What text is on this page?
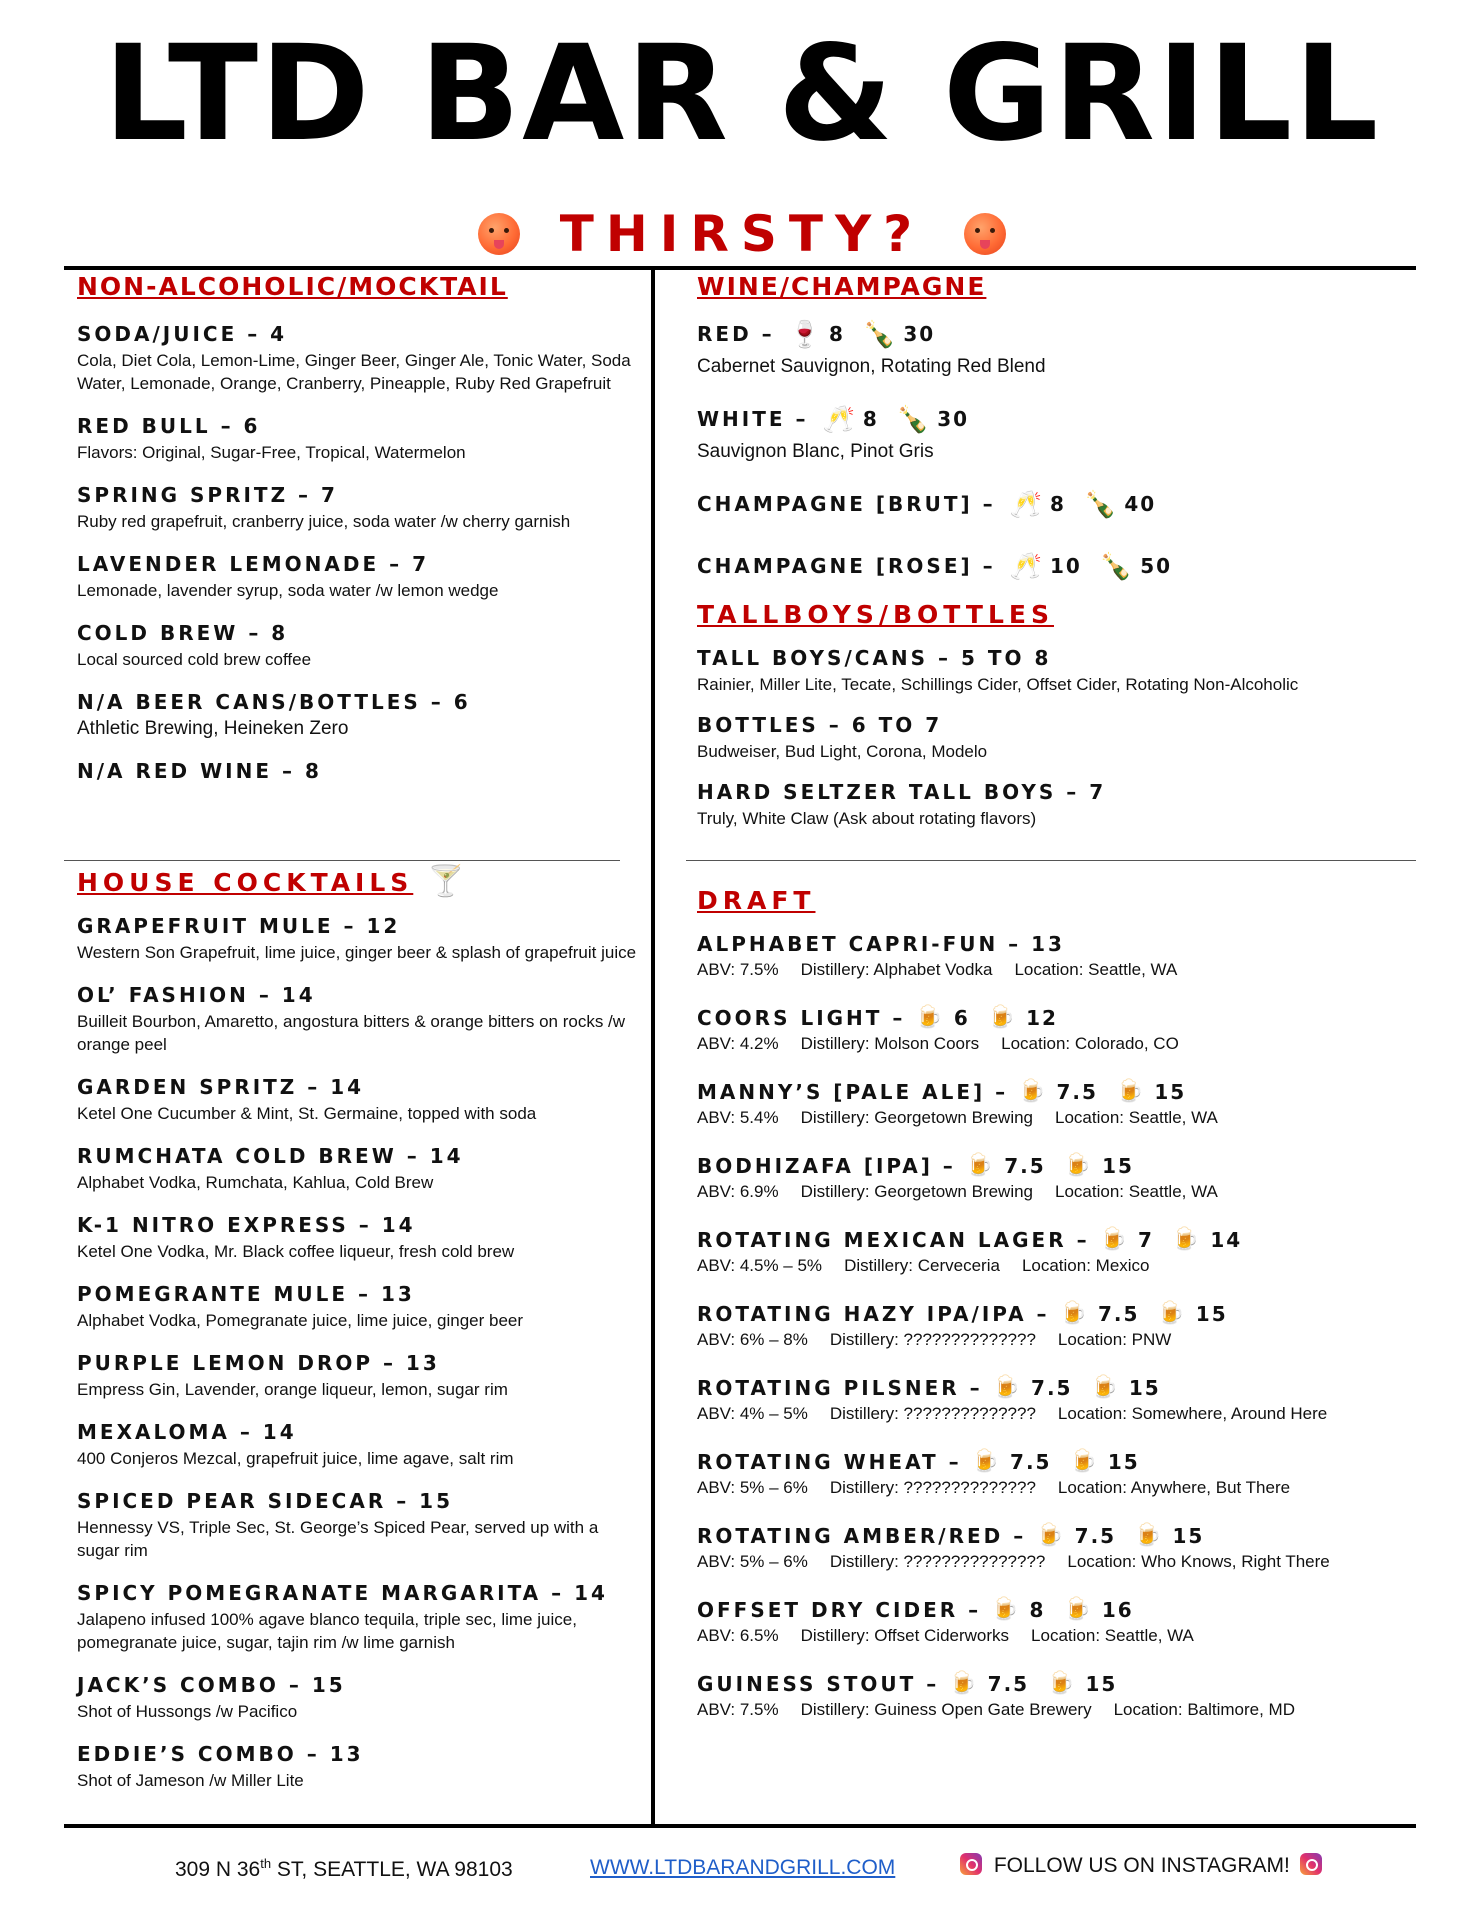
LTD BAR & GRILL
THIRSTY?
NON-ALCOHOLIC/MOCKTAIL
SODA/JUICE – 4
Cola, Diet Cola, Lemon-Lime, Ginger Beer, Ginger Ale, Tonic Water, Soda Water, Lemonade, Orange, Cranberry, Pineapple, Ruby Red Grapefruit
RED BULL – 6
Flavors: Original, Sugar-Free, Tropical, Watermelon
SPRING SPRITZ – 7
Ruby red grapefruit, cranberry juice, soda water /w cherry garnish
LAVENDER LEMONADE – 7
Lemonade, lavender syrup, soda water /w lemon wedge
COLD BREW – 8
Local sourced cold brew coffee
N/A BEER CANS/BOTTLES – 6
Athletic Brewing, Heineken Zero
N/A RED WINE – 8
HOUSE COCKTAILS 🍸
GRAPEFRUIT MULE – 12
Western Son Grapefruit, lime juice, ginger beer & splash of grapefruit juice
OL’ FASHION – 14
Builleit Bourbon, Amaretto, angostura bitters & orange bitters on rocks /w orange peel
GARDEN SPRITZ – 14
Ketel One Cucumber & Mint, St. Germaine, topped with soda
RUMCHATA COLD BREW – 14
Alphabet Vodka, Rumchata, Kahlua, Cold Brew
K-1 NITRO EXPRESS – 14
Ketel One Vodka, Mr. Black coffee liqueur, fresh cold brew
POMEGRANTE MULE – 13
Alphabet Vodka, Pomegranate juice, lime juice, ginger beer
PURPLE LEMON DROP – 13
Empress Gin, Lavender, orange liqueur, lemon, sugar rim
MEXALOMA – 14
400 Conjeros Mezcal, grapefruit juice, lime agave, salt rim
SPICED PEAR SIDECAR – 15
Hennessy VS, Triple Sec, St. George’s Spiced Pear, served up with a sugar rim
SPICY POMEGRANATE MARGARITA – 14
Jalapeno infused 100% agave blanco tequila, triple sec, lime juice, pomegranate juice, sugar, tajin rim /w lime garnish
JACK’S COMBO – 15
Shot of Hussongs /w Pacifico
EDDIE’S COMBO – 13
Shot of Jameson /w Miller Lite
WINE/CHAMPAGNE
RED – 🍷 8 🍾 30
Cabernet Sauvignon, Rotating Red Blend
WHITE – 🥂 8 🍾 30
Sauvignon Blanc, Pinot Gris
CHAMPAGNE [BRUT] – 🥂 8 🍾 40
CHAMPAGNE [ROSE] – 🥂 10 🍾 50
TALLBOYS/BOTTLES
TALL BOYS/CANS – 5 TO 8
Rainier, Miller Lite, Tecate, Schillings Cider, Offset Cider, Rotating Non-Alcoholic
BOTTLES – 6 TO 7
Budweiser, Bud Light, Corona, Modelo
HARD SELTZER TALL BOYS – 7
Truly, White Claw (Ask about rotating flavors)
DRAFT
ALPHABET CAPRI-FUN – 13
ABV: 7.5% Distillery: Alphabet Vodka Location: Seattle, WA
COORS LIGHT – 🍺 6 🍺 12
ABV: 4.2% Distillery: Molson Coors Location: Colorado, CO
MANNY’S [PALE ALE] – 🍺 7.5 🍺 15
ABV: 5.4% Distillery: Georgetown Brewing Location: Seattle, WA
BODHIZAFA [IPA] – 🍺 7.5 🍺 15
ABV: 6.9% Distillery: Georgetown Brewing Location: Seattle, WA
ROTATING MEXICAN LAGER – 🍺 7 🍺 14
ABV: 4.5% – 5% Distillery: Cerveceria Location: Mexico
ROTATING HAZY IPA/IPA – 🍺 7.5 🍺 15
ABV: 6% – 8% Distillery: ?????????????? Location: PNW
ROTATING PILSNER – 🍺 7.5 🍺 15
ABV: 4% – 5% Distillery: ?????????????? Location: Somewhere, Around Here
ROTATING WHEAT – 🍺 7.5 🍺 15
ABV: 5% – 6% Distillery: ?????????????? Location: Anywhere, But There
ROTATING AMBER/RED – 🍺 7.5 🍺 15
ABV: 5% – 6% Distillery: ??????????????? Location: Who Knows, Right There
OFFSET DRY CIDER – 🍺 8 🍺 16
ABV: 6.5% Distillery: Offset Ciderworks Location: Seattle, WA
GUINESS STOUT – 🍺 7.5 🍺 15
ABV: 7.5% Distillery: Guiness Open Gate Brewery Location: Baltimore, MD
309 N 36th ST, SEATTLE, WA 98103	WWW.LTDBARANDGRILL.COM	FOLLOW US ON INSTAGRAM!
